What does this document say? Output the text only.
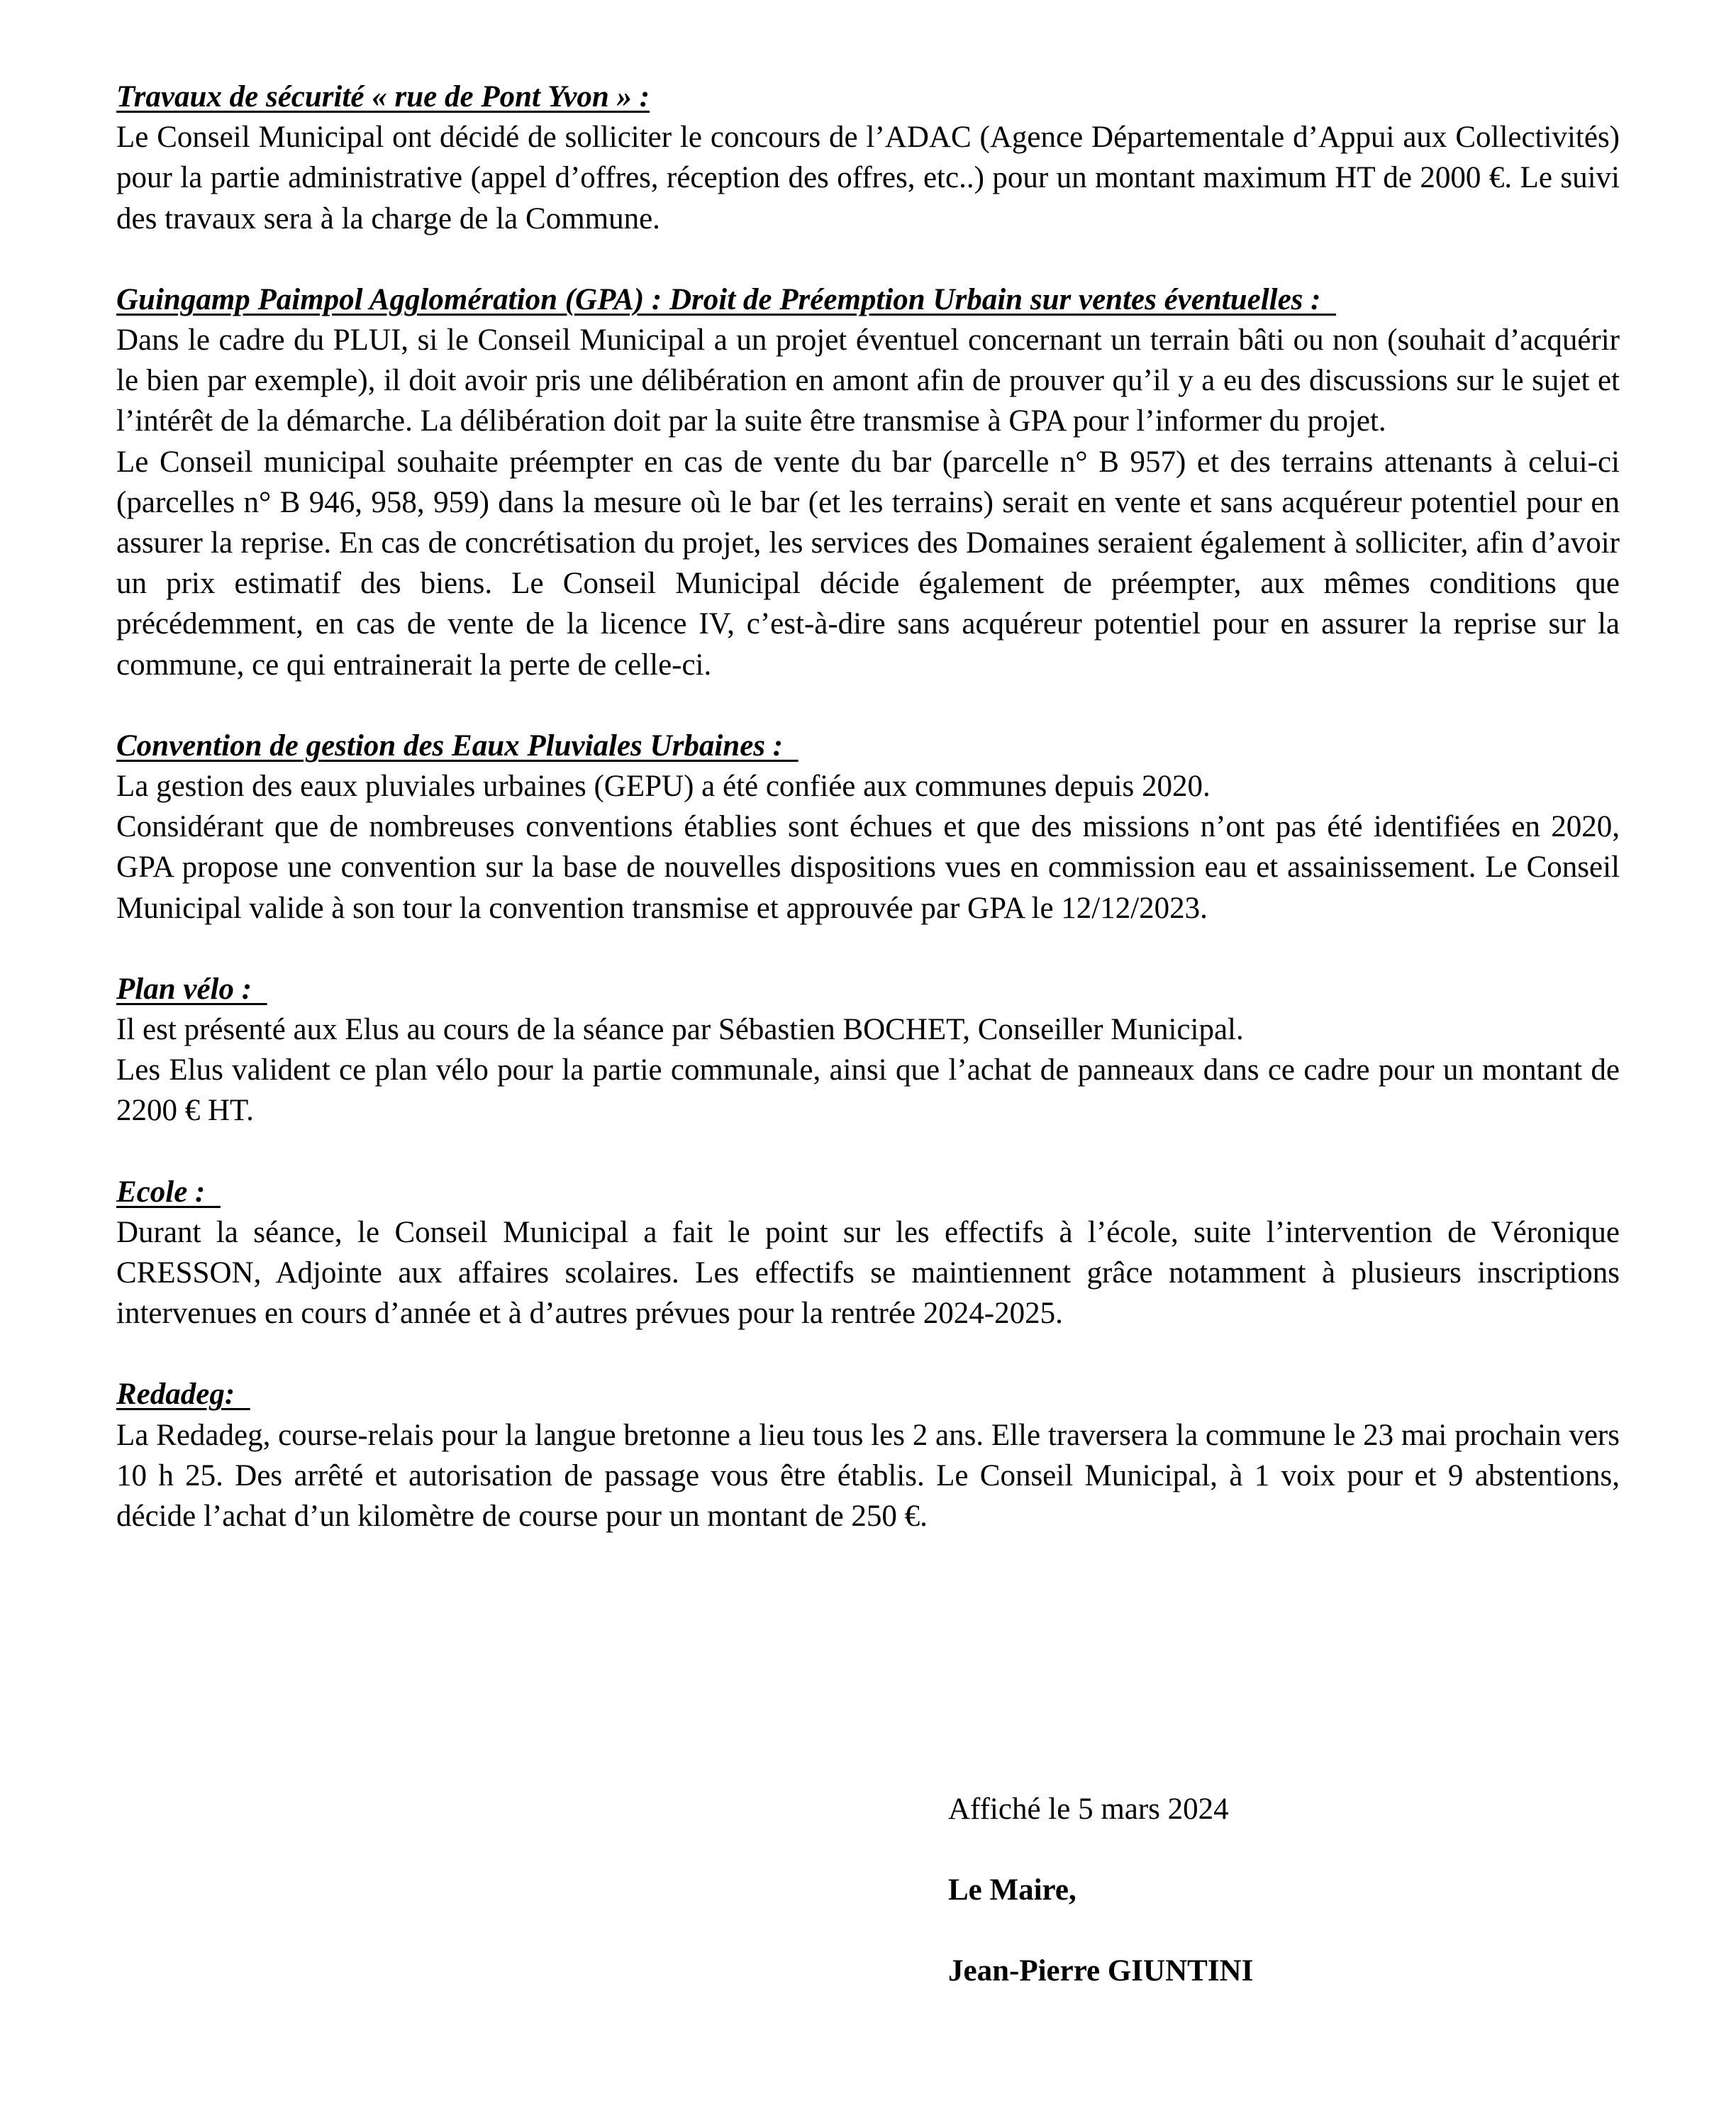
Travaux de sécurité « rue de Pont Yvon » :

Le Conseil Municipal ont décidé de solliciter le concours de l’ADAC (Agence Départementale d’Appui aux Collectivités) pour la partie administrative (appel d’offres, réception des offres, etc..) pour un montant maximum HT de 2000 €. Le suivi des travaux sera à la charge de la Commune.

Guingamp Paimpol Agglomération (GPA) : Droit de Préemption Urbain sur ventes éventuelles :

Dans le cadre du PLUI, si le Conseil Municipal a un projet éventuel concernant un terrain bâti ou non (souhait d’acquérir le bien par exemple), il doit avoir pris une délibération en amont afin de prouver qu’il y a eu des discussions sur le sujet et l’intérêt de la démarche. La délibération doit par la suite être transmise à GPA pour l’informer du projet.

Le Conseil municipal souhaite préempter en cas de vente du bar (parcelle n° B 957) et des terrains attenants à celui-ci (parcelles n° B 946, 958, 959) dans la mesure où le bar (et les terrains) serait en vente et sans acquéreur potentiel pour en assurer la reprise. En cas de concrétisation du projet, les services des Domaines seraient également à solliciter, afin d’avoir un prix estimatif des biens. Le Conseil Municipal décide également de préempter, aux mêmes conditions que précédemment, en cas de vente de la licence IV, c’est-à-dire sans acquéreur potentiel pour en assurer la reprise sur la commune, ce qui entrainerait la perte de celle-ci.

Convention de gestion des Eaux Pluviales Urbaines :

La gestion des eaux pluviales urbaines (GEPU) a été confiée aux communes depuis 2020.

Considérant que de nombreuses conventions établies sont échues et que des missions n’ont pas été identifiées en 2020, GPA propose une convention sur la base de nouvelles dispositions vues en commission eau et assainissement. Le Conseil Municipal valide à son tour la convention transmise et approuvée par GPA le 12/12/2023.

Plan vélo :

Il est présenté aux Elus au cours de la séance par Sébastien BOCHET, Conseiller Municipal.

Les Elus valident ce plan vélo pour la partie communale, ainsi que l’achat de panneaux dans ce cadre pour un montant de 2200 € HT.

Ecole :

Durant la séance, le Conseil Municipal a fait le point sur les effectifs à l’école, suite l’intervention de Véronique CRESSON, Adjointe aux affaires scolaires. Les effectifs se maintiennent grâce notamment à plusieurs inscriptions intervenues en cours d’année et à d’autres prévues pour la rentrée 2024-2025.

Redadeg:

La Redadeg, course-relais pour la langue bretonne a lieu tous les 2 ans. Elle traversera la commune le 23 mai prochain vers 10 h 25. Des arrêté et autorisation de passage vous être établis. Le Conseil Municipal, à 1 voix pour et 9 abstentions, décide l’achat d’un kilomètre de course pour un montant de 250 €.

Affiché le 5 mars 2024

Le Maire,

Jean-Pierre GIUNTINI
